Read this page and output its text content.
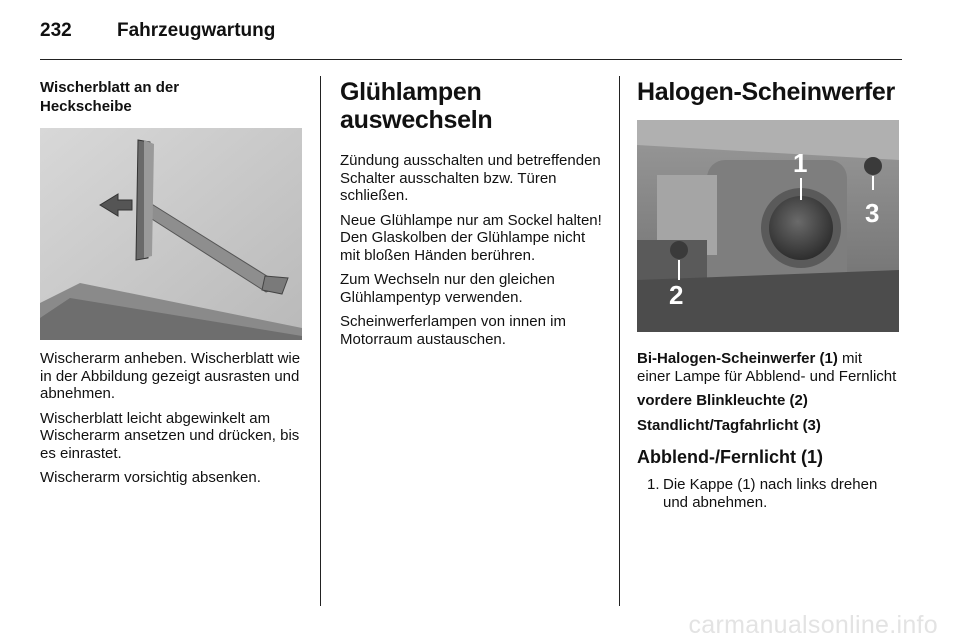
232 Fahrzeugwartung
Wischerblatt an der
Heckscheibe

Wischerarm anheben. Wischerblatt wie in der Abbildung gezeigt ausrasten und abnehmen.

Wischerblatt leicht abgewinkelt am Wischerarm ansetzen und drücken, bis es einrastet.

Wischerarm vorsichtig absenken.

Glühlampen
auswechseln

Zündung ausschalten und betreffenden Schalter ausschalten bzw. Türen schließen.

Neue Glühlampe nur am Sockel halten! Den Glaskolben der Glühlampe nicht mit bloßen Händen berühren.

Zum Wechseln nur den gleichen Glühlampentyp verwenden.

Scheinwerferlampen von innen im Motorraum austauschen.

Halogen-Scheinwerfer
1
2
3

Bi-Halogen-Scheinwerfer (1) mit einer Lampe für Abblend- und Fernlicht

vordere Blinkleuchte (2)

Standlicht/Tagfahrlicht (3)

Abblend-/Fernlicht (1)
1. Die Kappe (1) nach links drehen und abnehmen.
carmanualsonline.info
